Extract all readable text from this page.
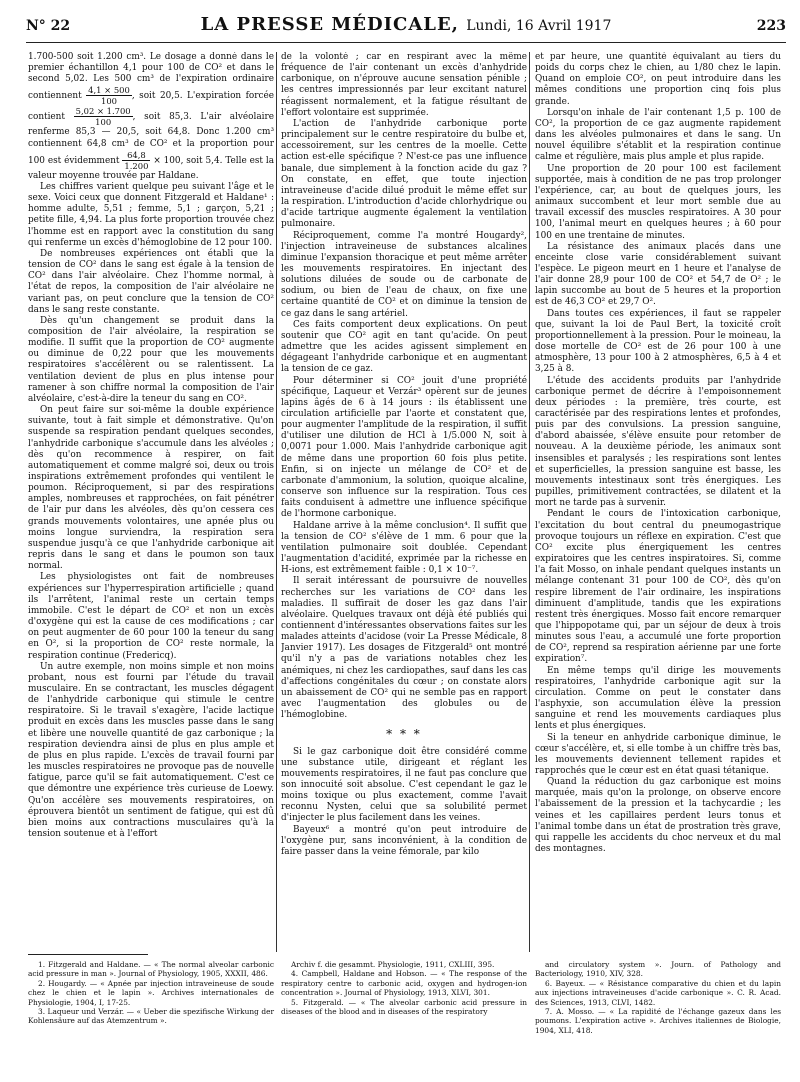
N° 22	LA PRESSE MÉDICALE, Lundi, 16 Avril 1917	223

1.700-500 soit 1.200 cm³. Le dosage a donné dans le premier échantillon 4,1 pour 100 de CO² et dans le second 5,02. Les 500 cm³ de l'expiration ordinaire contiennent $\frac{4,1 \times 500}{100}$ , soit 20,5. L'expiration forcée contient $\frac{5,02 \times 1.700}{100}$ , soit 85,3. L'air alvéolaire renferme 85,3 — 20,5, soit 64,8. Donc 1.200 cm³ contiennent 64,8 cm³ de CO² et la proportion pour 100 est évidemment $\frac{64,8}{1.200} \times 100$, soit 5,4. Telle est la valeur moyenne trouvée par Haldane.

Les chiffres varient quelque peu suivant l'âge et le sexe. Voici ceux que donnent Fitzgerald et Haldane¹ : homme adulte, 5,51 ; femme, 5,1 ; garçon, 5,21 ; petite fille, 4,94. La plus forte proportion trouvée chez l'homme est en rapport avec la constitution du sang qui renferme un excès d'hémoglobine de 12 pour 100.

De nombreuses expériences ont établi que la tension de CO² dans le sang est égale à la tension de CO² dans l'air alvéolaire. Chez l'homme normal, à l'état de repos, la composition de l'air alvéolaire ne variant pas, on peut conclure que la tension de CO² dans le sang reste constante.

Dès qu'un changement se produit dans la composition de l'air alvéolaire, la respiration se modifie. Il suffit que la proportion de CO² augmente ou diminue de 0,22 pour que les mouvements respiratoires s'accélèrent ou se ralentissent. La ventilation devient de plus en plus intense pour ramener à son chiffre normal la composition de l'air alvéolaire, c'est-à-dire la teneur du sang en CO².

On peut faire sur soi-même la double expérience suivante, tout à fait simple et démonstrative. Qu'on suspende sa respiration pendant quelques secondes, l'anhydride carbonique s'accumule dans les alvéoles ; dès qu'on recommence à respirer, on fait automatiquement et comme malgré soi, deux ou trois inspirations extrêmement profondes qui ventilent le poumon. Réciproquement, si par des respirations amples, nombreuses et rapprochées, on fait pénétrer de l'air pur dans les alvéoles, dès qu'on cessera ces grands mouvements volontaires, une apnée plus ou moins longue surviendra, la respiration sera suspendue jusqu'à ce que l'anhydride carbonique ait repris dans le sang et dans le poumon son taux normal.

Les physiologistes ont fait de nombreuses expériences sur l'hyperrespiration artificielle ; quand ils l'arrêtent, l'animal reste un certain temps immobile. C'est le départ de CO² et non un excès d'oxygène qui est la cause de ces modifications ; car on peut augmenter de 60 pour 100 la teneur du sang en O², si la proportion de CO² reste normale, la respiration continue (Fredericq).

Un autre exemple, non moins simple et non moins probant, nous est fourni par l'étude du travail musculaire. En se contractant, les muscles dégagent de l'anhydride carbonique qui stimule le centre respiratoire. Si le travail s'exagère, l'acide lactique produit en excès dans les muscles passe dans le sang et libère une nouvelle quantité de gaz carbonique ; la respiration deviendra ainsi de plus en plus ample et de plus en plus rapide. L'excès de travail fourni par les muscles respiratoires ne provoque pas de nouvelle fatigue, parce qu'il se fait automatiquement. C'est ce que démontre une expérience très curieuse de Loewy. Qu'on accélère ses mouvements respiratoires, on éprouvera bientôt un sentiment de fatigue, qui est dû bien moins aux contractions musculaires qu'à la tension soutenue et à l'effort

de la volonté ; car en respirant avec la même fréquence de l'air contenant un excès d'anhydride carbonique, on n'éprouve aucune sensation pénible ; les centres impressionnés par leur excitant naturel réagissent normalement, et la fatigue résultant de l'effort volontaire est supprimée.

L'action de l'anhydride carbonique porte principalement sur le centre respiratoire du bulbe et, accessoirement, sur les centres de la moelle. Cette action est-elle spécifique ? N'est-ce pas une influence banale, due simplement à la fonction acide du gaz ? On constate, en effet, que toute injection intraveineuse d'acide dilué produit le même effet sur la respiration. L'introduction d'acide chlorhydrique ou d'acide tartrique augmente également la ventilation pulmonaire.

Réciproquement, comme l'a montré Hougardy², l'injection intraveineuse de substances alcalines diminue l'expansion thoracique et peut même arrêter les mouvements respiratoires. En injectant des solutions diluées de soude ou de carbonate de sodium, ou bien de l'eau de chaux, on fixe une certaine quantité de CO² et on diminue la tension de ce gaz dans le sang artériel.

Ces faits comportent deux explications. On peut soutenir que CO² agit en tant qu'acide. On peut admettre que les acides agissent simplement en dégageant l'anhydride carbonique et en augmentant la tension de ce gaz.

Pour déterminer si CO² jouit d'une propriété spécifique, Laqueur et Verzár³ opèrent sur de jeunes lapins âgés de 6 à 14 jours : ils établissent une circulation artificielle par l'aorte et constatent que, pour augmenter l'amplitude de la respiration, il suffit d'utiliser une dilution de HCl à 1/5.000 N, soit à 0,0071 pour 1.000. Mais l'anhydride carbonique agit de même dans une proportion 60 fois plus petite. Enfin, si on injecte un mélange de CO² et de carbonate d'ammonium, la solution, quoique alcaline, conserve son influence sur la respiration. Tous ces faits conduisent à admettre une influence spécifique de l'hormone carbonique.

Haldane arrive à la même conclusion⁴. Il suffit que la tension de CO² s'élève de 1 mm. 6 pour que la ventilation pulmonaire soit doublée. Cependant l'augmentation d'acidité, exprimée par la richesse en H-ions, est extrêmement faible : 0,1 × 10⁻⁷.

Il serait intéressant de poursuivre de nouvelles recherches sur les variations de CO² dans les maladies. Il suffirait de doser les gaz dans l'air alvéolaire. Quelques travaux ont déjà été publiés qui contiennent d'intéressantes observations faites sur les malades atteints d'acidose (voir La Presse Médicale, 8 Janvier 1917). Les dosages de Fitzgerald⁵ ont montré qu'il n'y a pas de variations notables chez les anémiques, ni chez les cardiopathes, sauf dans les cas d'affections congénitales du cœur ; on constate alors un abaissement de CO² qui ne semble pas en rapport avec l'augmentation des globules ou de l'hémoglobine.

* * *

Si le gaz carbonique doit être considéré comme une substance utile, dirigeant et réglant les mouvements respiratoires, il ne faut pas conclure que son innocuité soit absolue. C'est cependant le gaz le moins toxique ou plus exactement, comme l'avait reconnu Nysten, celui que sa solubilité permet d'injecter le plus facilement dans les veines.

Bayeux⁶ a montré qu'on peut introduire de l'oxygène pur, sans inconvénient, à la condition de faire passer dans la veine fémorale, par kilo

et par heure, une quantité équivalant au tiers du poids du corps chez le chien, au 1/80 chez le lapin. Quand on emploie CO², on peut introduire dans les mêmes conditions une proportion cinq fois plus grande.

Lorsqu'on inhale de l'air contenant 1,5 p. 100 de CO², la proportion de ce gaz augmente rapidement dans les alvéoles pulmonaires et dans le sang. Un nouvel équilibre s'établit et la respiration continue calme et régulière, mais plus ample et plus rapide.

Une proportion de 20 pour 100 est facilement supportée, mais à condition de ne pas trop prolonger l'expérience, car, au bout de quelques jours, les animaux succombent et leur mort semble due au travail excessif des muscles respiratoires. A 30 pour 100, l'animal meurt en quelques heures ; à 60 pour 100 en une trentaine de minutes.

La résistance des animaux placés dans une enceinte close varie considérablement suivant l'espèce. Le pigeon meurt en 1 heure et l'analyse de l'air donne 28,9 pour 100 de CO² et 54,7 de O² ; le lapin succombe au bout de 5 heures et la proportion est de 46,3 CO² et 29,7 O².

Dans toutes ces expériences, il faut se rappeler que, suivant la loi de Paul Bert, la toxicité croît proportionnellement à la pression. Pour le moineau, la dose mortelle de CO² est de 26 pour 100 à une atmosphère, 13 pour 100 à 2 atmosphères, 6,5 à 4 et 3,25 à 8.

L'étude des accidents produits par l'anhydride carbonique permet de décrire à l'empoisonnement deux périodes : la première, très courte, est caractérisée par des respirations lentes et profondes, puis par des convulsions. La pression sanguine, d'abord abaissée, s'élève ensuite pour retomber de nouveau. A la deuxième période, les animaux sont insensibles et paralysés ; les respirations sont lentes et superficielles, la pression sanguine est basse, les mouvements intestinaux sont très énergiques. Les pupilles, primitivement contractées, se dilatent et la mort ne tarde pas à survenir.

Pendant le cours de l'intoxication carbonique, l'excitation du bout central du pneumogastrique provoque toujours un réflexe en expiration. C'est que CO² excite plus énergiquement les centres expiratoires que les centres inspiratoires. Si, comme l'a fait Mosso, on inhale pendant quelques instants un mélange contenant 31 pour 100 de CO², dès qu'on respire librement de l'air ordinaire, les inspirations diminuent d'amplitude, tandis que les expirations restent très énergiques. Mosso fait encore remarquer que l'hippopotame qui, par un séjour de deux à trois minutes sous l'eau, a accumulé une forte proportion de CO², reprend sa respiration aérienne par une forte expiration⁷.

En même temps qu'il dirige les mouvements respiratoires, l'anhydride carbonique agit sur la circulation. Comme on peut le constater dans l'asphyxie, son accumulation élève la pression sanguine et rend les mouvements cardiaques plus lents et plus énergiques.

Si la teneur en anhydride carbonique diminue, le cœur s'accélère, et, si elle tombe à un chiffre très bas, les mouvements deviennent tellement rapides et rapprochés que le cœur est en état quasi tétanique.

Quand la réduction du gaz carbonique est moins marquée, mais qu'on la prolonge, on observe encore l'abaissement de la pression et la tachycardie ; les veines et les capillaires perdent leurs tonus et l'animal tombe dans un état de prostration très grave, qui rappelle les accidents du choc nerveux et du mal des montagnes.

1. Fitzgerald and Haldane. — « The normal alveolar carbonic acid pressure in man ». Journal of Physiology, 1905, XXXII, 486.

2. Hougardy. — « Apnée par injection intraveineuse de soude chez le chien et le lapin ». Archives internationales de Physiologie, 1904, I, 17-25.

3. Laqueur und Verzár. — « Ueber die spezifische Wirkung der Kohlensäure auf das Atemzentrum ».

Archiv f. die gesammt. Physiologie, 1911, CXLIII, 395.

4. Campbell, Haldane and Hobson. — « The response of the respiratory centre to carbonic acid, oxygen and hydrogen-ion concentration ». Journal of Physiology, 1913, XLVI, 301.

5. Fitzgerald. — « The alveolar carbonic acid pressure in diseases of the blood and in diseases of the respiratory

and circulatory system ». Journ. of Pathology and Bacteriology, 1910, XIV, 328.

6. Bayeux. — « Résistance comparative du chien et du lapin aux injections intraveineuses d'acide carbonique ». C. R. Acad. des Sciences, 1913, CLVI, 1482.

7. A. Mosso. — « La rapidité de l'échange gazeux dans les poumons. L'expiration active ». Archives italiennes de Biologie, 1904, XLI, 418.
